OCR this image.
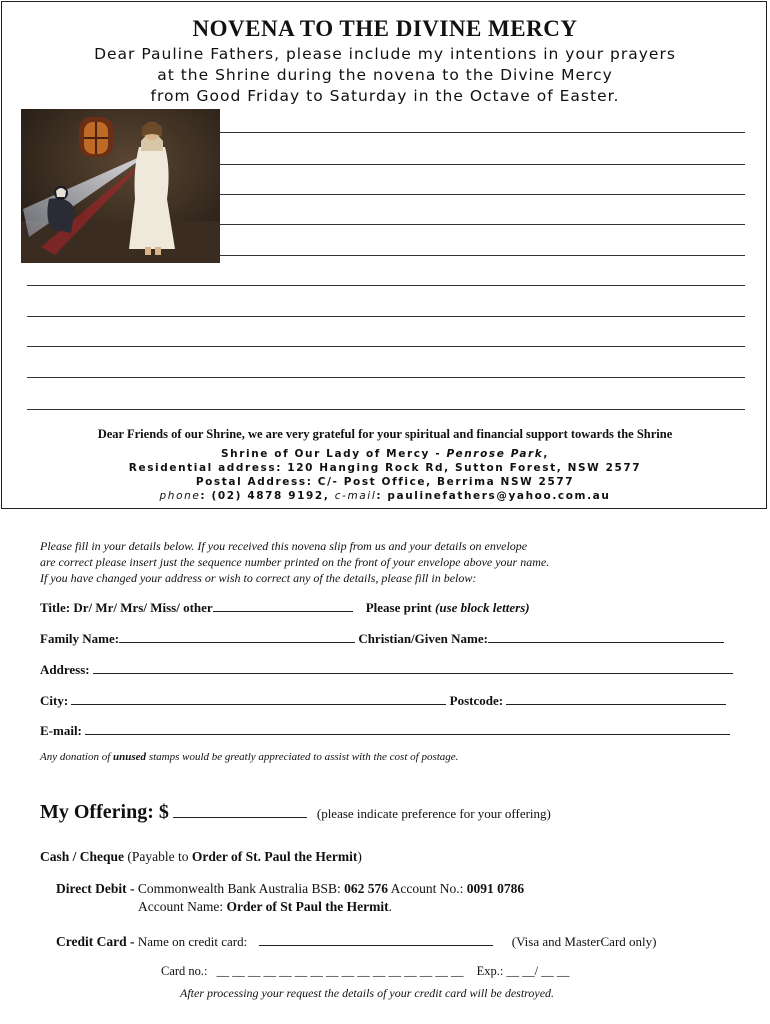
NOVENA TO THE DIVINE MERCY
Dear Pauline Fathers, please include my intentions in your prayers
at the Shrine during the novena to the Divine Mercy
from Good Friday to Saturday in the Octave of Easter.
Dear Friends of our Shrine, we are very grateful for your spiritual and financial support towards the Shrine
Shrine of Our Lady of Mercy - Penrose Park,
Residential address: 120 Hanging Rock Rd, Sutton Forest, NSW 2577
Postal Address: C/- Post Office, Berrima NSW 2577
phone: (02) 4878 9192, c-mail: paulinefathers@yahoo.com.au
Please fill in your details below. If you received this novena slip from us and your details on envelope
are correct please insert just the sequence number printed on the front of your envelope above your name.
If you have changed your address or wish to correct any of the details, please fill in below:
Title: Dr/ Mr/ Mrs/ Miss/ other	Please print (use block letters)
Family Name:	Christian/Given Name:
Address:
City:	Postcode:
E-mail:
Any donation of unused stamps would be greatly appreciated to assist with the cost of postage.
My Offering: $	(please indicate preference for your offering)
Cash / Cheque (Payable to Order of St. Paul the Hermit)
Direct Debit - Commonwealth Bank Australia BSB: 062 576 Account No.: 0091 0786
Account Name: Order of St Paul the Hermit.
Credit Card - Name on credit card:	(Visa and MasterCard only)
Card no.: __ __ __ __ __ __ __ __ __ __ __ __ __ __ __ __ Exp.: __ __/ __ __
After processing your request the details of your credit card will be destroyed.
